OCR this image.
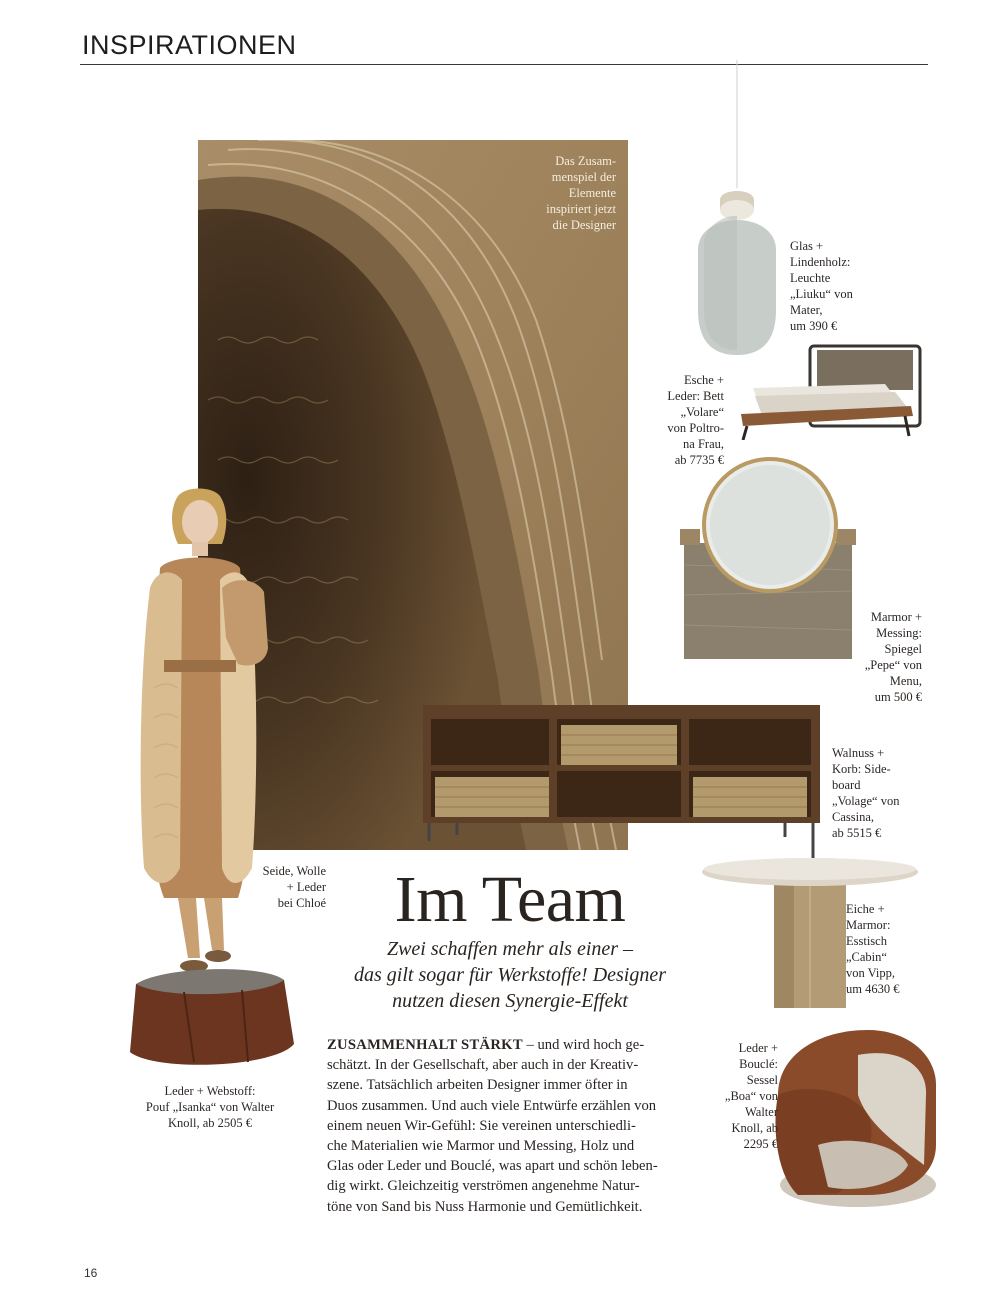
INSPIRATIONEN
Das Zusam-
menspiel der
Elemente
inspiriert jetzt
die Designer
Glas +
Lindenholz:
Leuchte
„Liuku“ von
Mater,
um 390 €
Esche +
Leder: Bett
„Volare“
von Poltro-
na Frau,
ab 7735 €
Marmor +
Messing:
Spiegel
„Pepe“ von
Menu,
um 500 €
Walnuss +
Korb: Side-
board
„Volage“ von
Cassina,
ab 5515 €
Eiche +
Marmor:
Esstisch
„Cabin“
von Vipp,
um 4630 €
Leder +
Bouclé:
Sessel
„Boa“ von
Walter
Knoll, ab
2295 €
Seide, Wolle
+ Leder
bei Chloé
Leder + Webstoff:
Pouf „Isanka“ von Walter
Knoll, ab 2505 €
Im Team
Zwei schaffen mehr als einer –
das gilt sogar für Werkstoffe! Designer
nutzen diesen Synergie-Effekt
ZUSAMMENHALT STÄRKT – und wird hoch ge-
schätzt. In der Gesellschaft, aber auch in der Kreativ-
szene. Tatsächlich arbeiten Designer immer öfter in
Duos zusammen. Und auch viele Entwürfe erzählen von
einem neuen Wir-Gefühl: Sie vereinen unterschiedli-
che Materialien wie Marmor und Messing, Holz und
Glas oder Leder und Bouclé, was apart und schön leben-
dig wirkt. Gleichzeitig verströmen angenehme Natur-
töne von Sand bis Nuss Harmonie und Gemütlichkeit.
16
